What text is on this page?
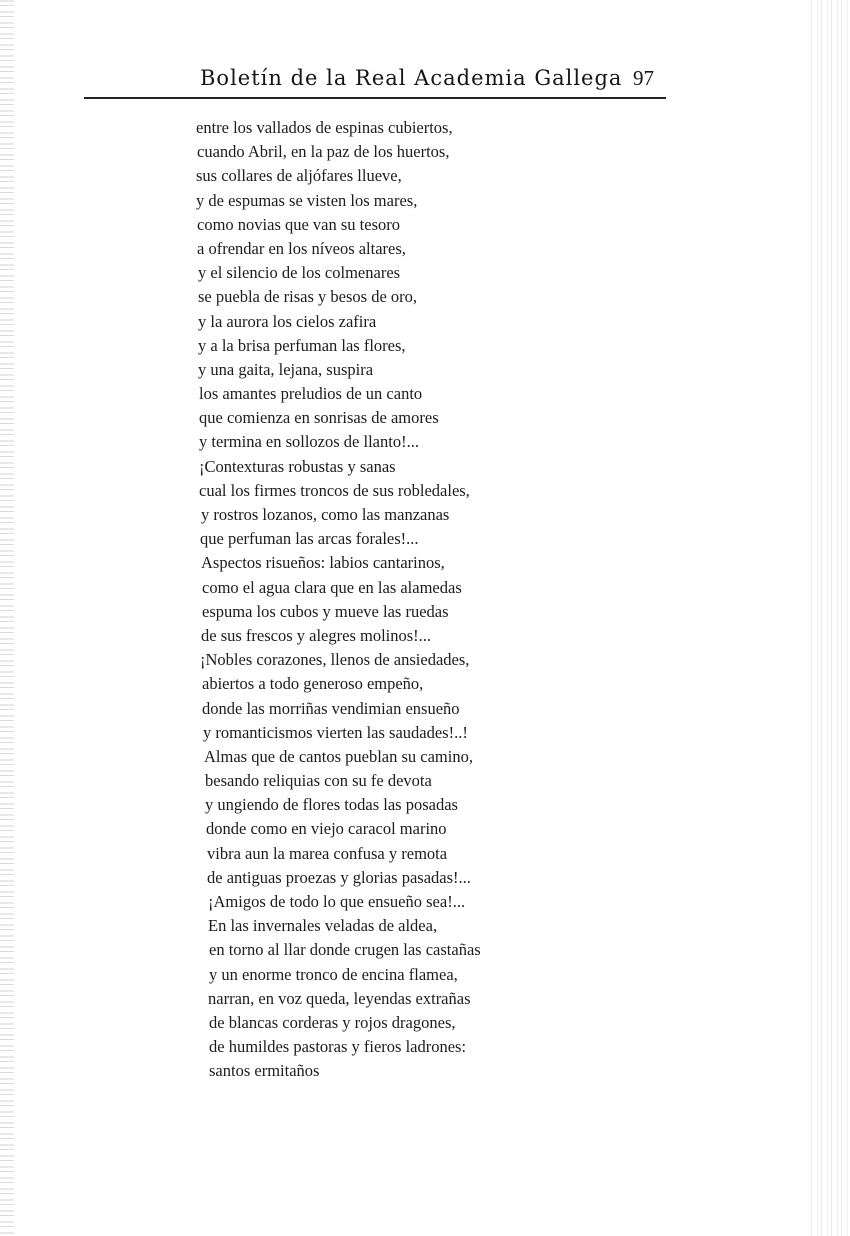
Boletín de la Real Academia Gallega 97
entre los vallados de espinas cubiertos,
cuando Abril, en la paz de los huertos,
sus collares de aljófares llueve,
y de espumas se visten los mares,
como novias que van su tesoro
a ofrendar en los níveos altares,
y el silencio de los colmenares
se puebla de risas y besos de oro,
y la aurora los cielos zafira
y a la brisa perfuman las flores,
y una gaita, lejana, suspira
los amantes preludios de un canto
que comienza en sonrisas de amores
y termina en sollozos de llanto!...
¡Contexturas robustas y sanas
cual los firmes troncos de sus robledales,
y rostros lozanos, como las manzanas
que perfuman las arcas forales!...
Aspectos risueños: labios cantarinos,
como el agua clara que en las alamedas
espuma los cubos y mueve las ruedas
de sus frescos y alegres molinos!...
¡Nobles corazones, llenos de ansiedades,
abiertos a todo generoso empeño,
donde las morriñas vendimian ensueño
y romanticismos vierten las saudades!..!
Almas que de cantos pueblan su camino,
besando reliquias con su fe devota
y ungiendo de flores todas las posadas
donde como en viejo caracol marino
vibra aun la marea confusa y remota
de antiguas proezas y glorias pasadas!...
¡Amigos de todo lo que ensueño sea!...
En las invernales veladas de aldea,
en torno al llar donde crugen las castañas
y un enorme tronco de encina flamea,
narran, en voz queda, leyendas extrañas
de blancas corderas y rojos dragones,
de humildes pastoras y fieros ladrones:
santos ermitaños
